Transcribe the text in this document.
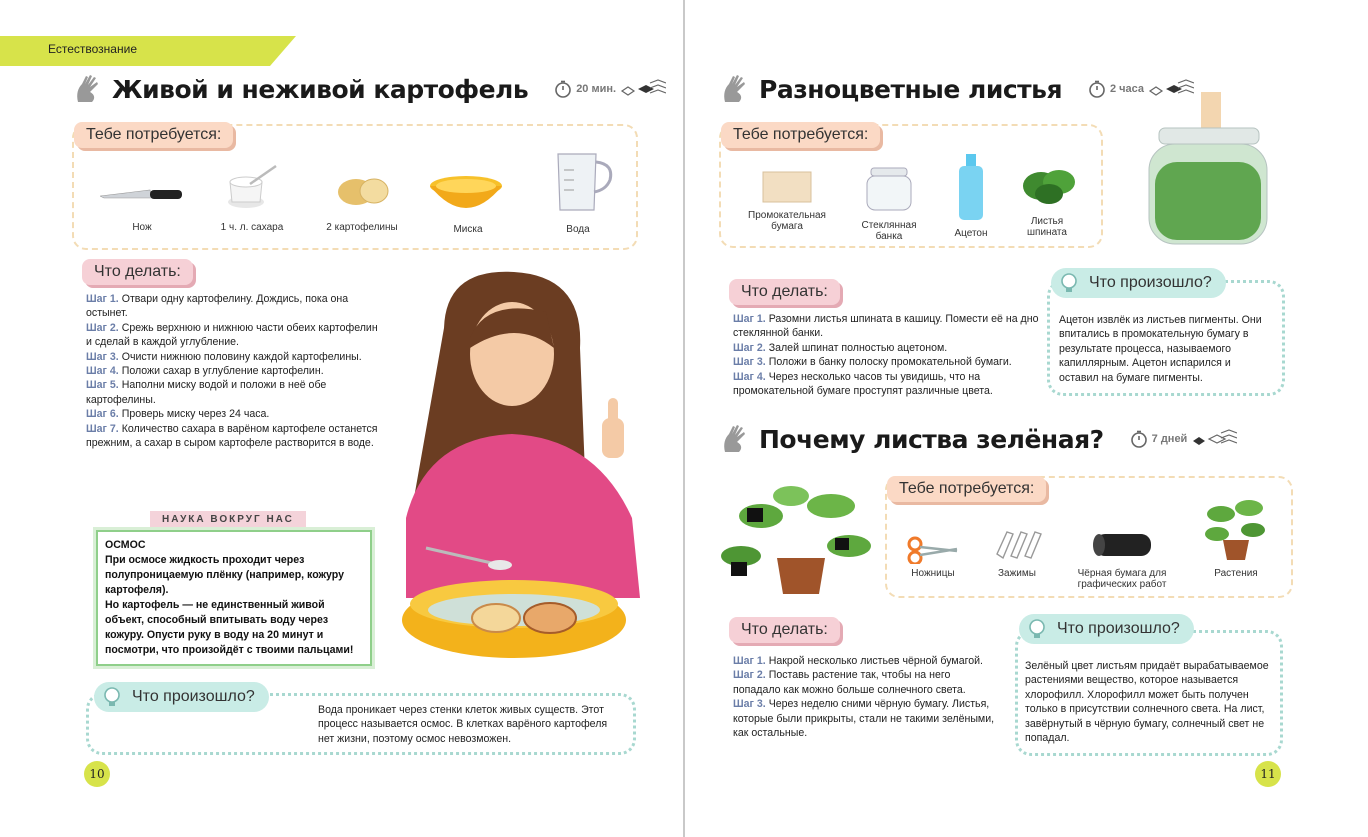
Естествознание
Живой и неживой картофель	20 мин.
Тебе потребуется:
Нож	1 ч. л. сахара	2 картофелины	Миска	Вода
Что делать:
Шаг 1. Отвари одну картофелину. Дождись, пока она остынет.
Шаг 2. Срежь верхнюю и нижнюю части обеих картофелин и сделай в каждой углубление.
Шаг 3. Очисти нижнюю половину каждой картофелины.
Шаг 4. Положи сахар в углубление картофелин.
Шаг 5. Наполни миску водой и положи в неё обе картофелины.
Шаг 6. Проверь миску через 24 часа.
Шаг 7. Количество сахара в варёном картофеле останется прежним, а сахар в сыром картофеле растворится в воде.
НАУКА ВОКРУГ НАС
ОСМОС
При осмосе жидкость проходит через полупроницаемую плёнку (например, кожуру картофеля).
Но картофель — не единственный живой объект, способный впитывать воду через кожуру. Опусти руку в воду на 20 минут и посмотри, что произойдёт с твоими пальцами!
Что произошло?
Вода проникает через стенки клеток живых существ. Этот процесс называется осмос. В клетках варёного картофеля нет жизни, поэтому осмос невозможен.
10
Разноцветные листья	2 часа
Тебе потребуется:
Промокательная бумага	Стеклянная банка	Ацетон
Листья шпината
Что делать:
Шаг 1. Разомни листья шпината в кашицу. Помести её на дно стеклянной банки.
Шаг 2. Залей шпинат полностью ацетоном.
Шаг 3. Положи в банку полоску промокательной бумаги.
Шаг 4. Через несколько часов ты увидишь, что на промокательной бумаге проступят различные цвета.
Что произошло?
Ацетон извлёк из листьев пигменты. Они впитались в промокательную бумагу в результате процесса, называемого капиллярным. Ацетон испарился и оставил на бумаге пигменты.
Почему листва зелёная?	7 дней
Тебе потребуется:
Ножницы	Зажимы	Чёрная бумага для графических работ
Растения
Что делать:
Шаг 1. Накрой несколько листьев чёрной бумагой.
Шаг 2. Поставь растение так, чтобы на него попадало как можно больше солнечного света.
Шаг 3. Через неделю сними чёрную бумагу. Листья, которые были прикрыты, стали не такими зелёными, как остальные.
Что произошло?
Зелёный цвет листьям придаёт вырабатываемое растениями вещество, которое называется хлорофилл. Хлорофилл может быть получен только в присутствии солнечного света. На лист, завёрнутый в чёрную бумагу, солнечный свет не попадал.
11
